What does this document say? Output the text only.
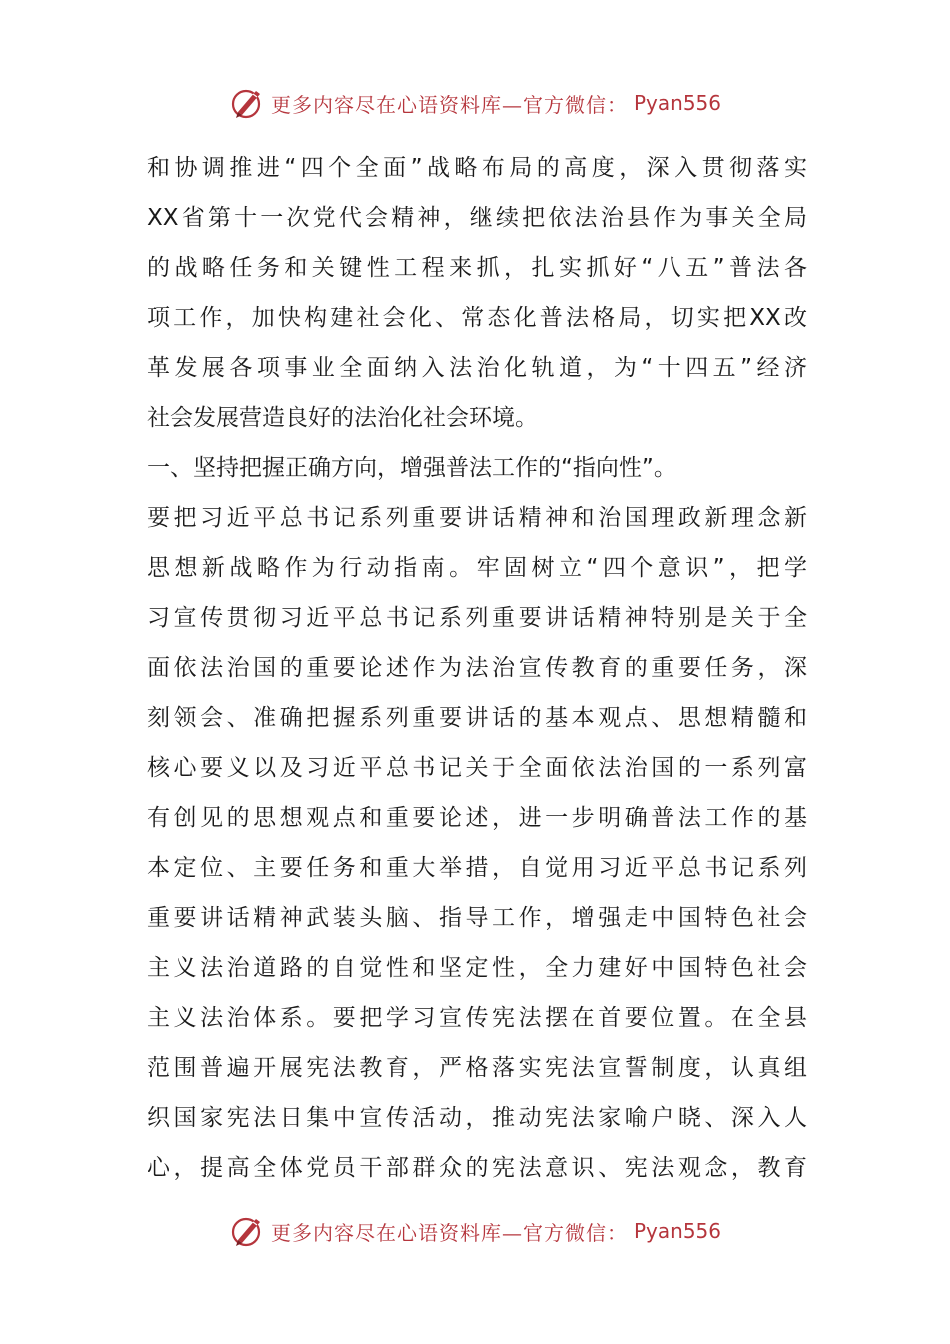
更多内容尽在心语资料库—官方微信： Pyan556
和协调推进“四个全面”战略布局的高度，深入贯彻落实
XX省第十一次党代会精神，继续把依法治县作为事关全局
的战略任务和关键性工程来抓，扎实抓好“八五”普法各
项工作，加快构建社会化、常态化普法格局，切实把XX改
革发展各项事业全面纳入法治化轨道，为“十四五”经济
社会发展营造良好的法治化社会环境。
一、坚持把握正确方向，增强普法工作的“指向性”。
要把习近平总书记系列重要讲话精神和治国理政新理念新
思想新战略作为行动指南。牢固树立“四个意识”，把学
习宣传贯彻习近平总书记系列重要讲话精神特别是关于全
面依法治国的重要论述作为法治宣传教育的重要任务，深
刻领会、准确把握系列重要讲话的基本观点、思想精髓和
核心要义以及习近平总书记关于全面依法治国的一系列富
有创见的思想观点和重要论述，进一步明确普法工作的基
本定位、主要任务和重大举措，自觉用习近平总书记系列
重要讲话精神武装头脑、指导工作，增强走中国特色社会
主义法治道路的自觉性和坚定性，全力建好中国特色社会
主义法治体系。要把学习宣传宪法摆在首要位置。在全县
范围普遍开展宪法教育，严格落实宪法宣誓制度，认真组
织国家宪法日集中宣传活动，推动宪法家喻户晓、深入人
心，提高全体党员干部群众的宪法意识、宪法观念，教育
更多内容尽在心语资料库—官方微信： Pyan556
